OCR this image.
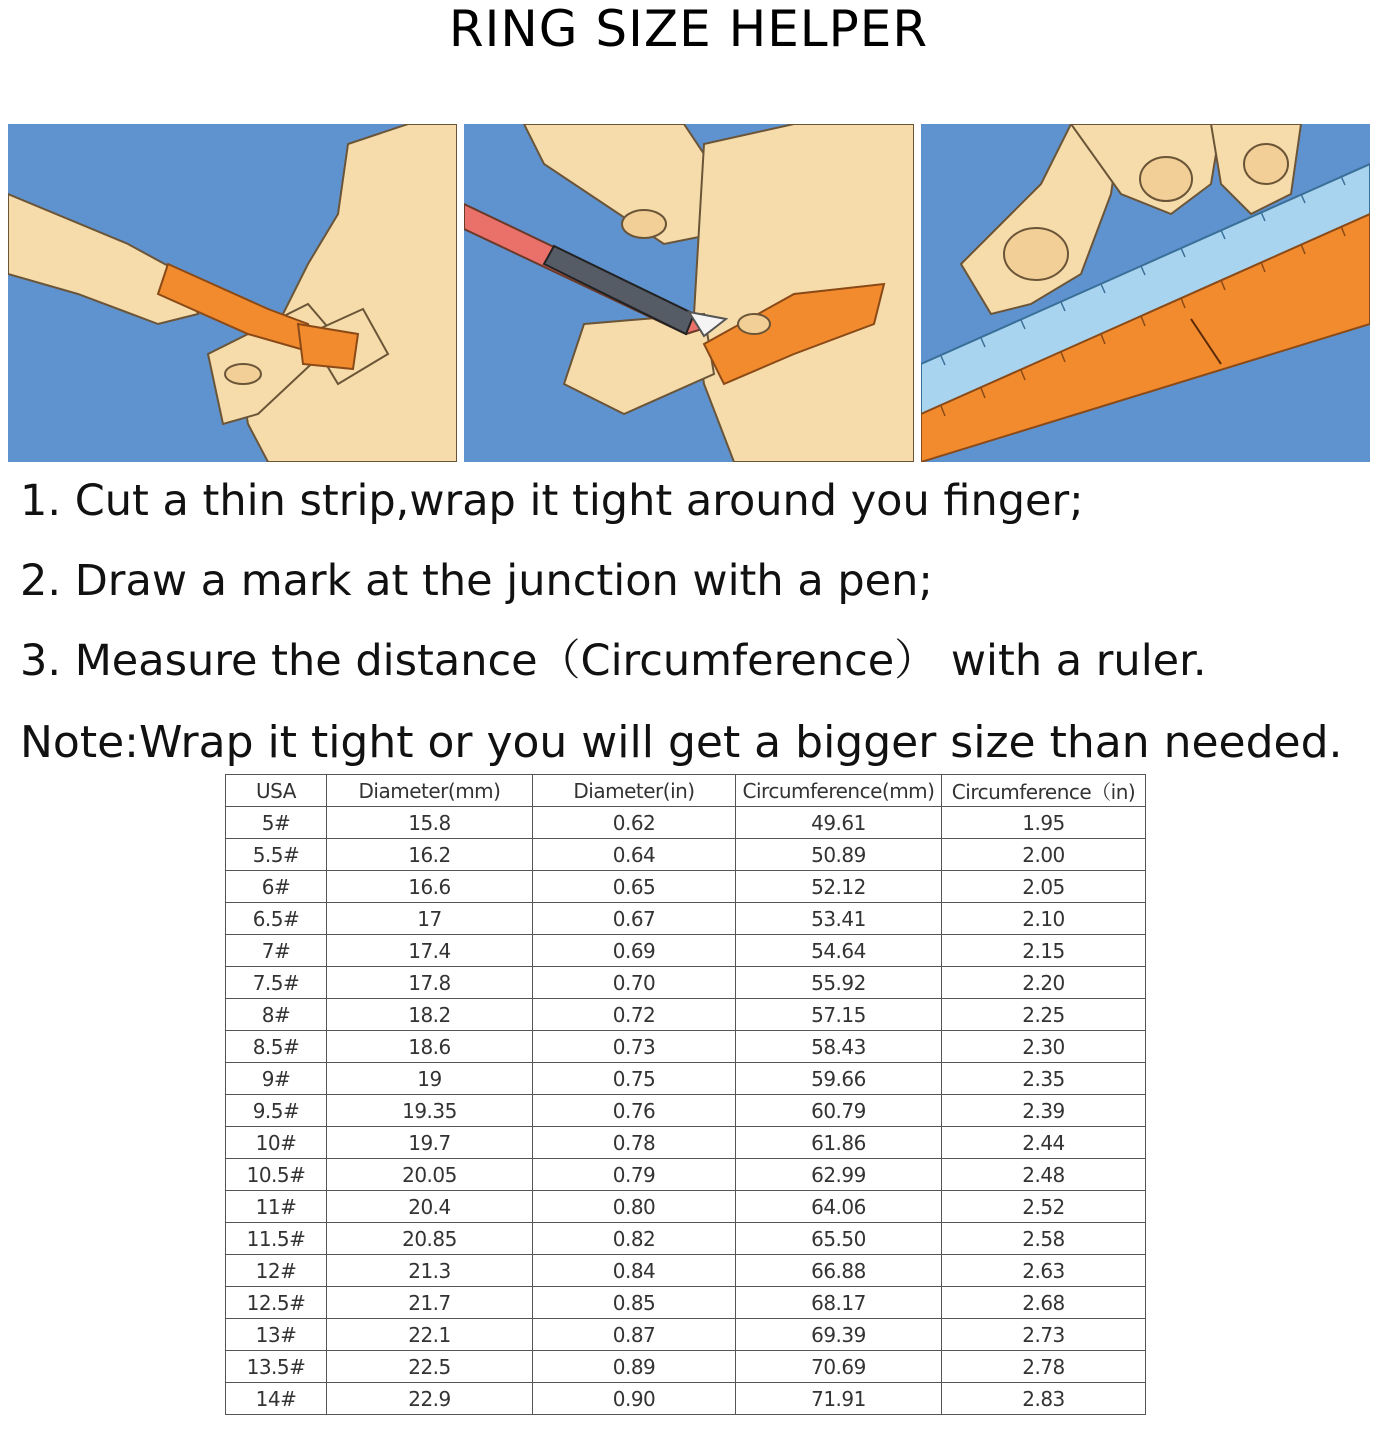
RING SIZE HELPER
1. Cut a thin strip,wrap it tight around you finger;
2. Draw a mark at the junction with a pen;
3. Measure the distance（Circumference） with a ruler.
Note:Wrap it tight or you will get a bigger size than needed.
USA	Diameter(mm)	Diameter(in)	Circumference(mm)	Circumference（in)
5#	15.8	0.62	49.61	1.95
5.5#	16.2	0.64	50.89	2.00
6#	16.6	0.65	52.12	2.05
6.5#	17	0.67	53.41	2.10
7#	17.4	0.69	54.64	2.15
7.5#	17.8	0.70	55.92	2.20
8#	18.2	0.72	57.15	2.25
8.5#	18.6	0.73	58.43	2.30
9#	19	0.75	59.66	2.35
9.5#	19.35	0.76	60.79	2.39
10#	19.7	0.78	61.86	2.44
10.5#	20.05	0.79	62.99	2.48
11#	20.4	0.80	64.06	2.52
11.5#	20.85	0.82	65.50	2.58
12#	21.3	0.84	66.88	2.63
12.5#	21.7	0.85	68.17	2.68
13#	22.1	0.87	69.39	2.73
13.5#	22.5	0.89	70.69	2.78
14#	22.9	0.90	71.91	2.83
